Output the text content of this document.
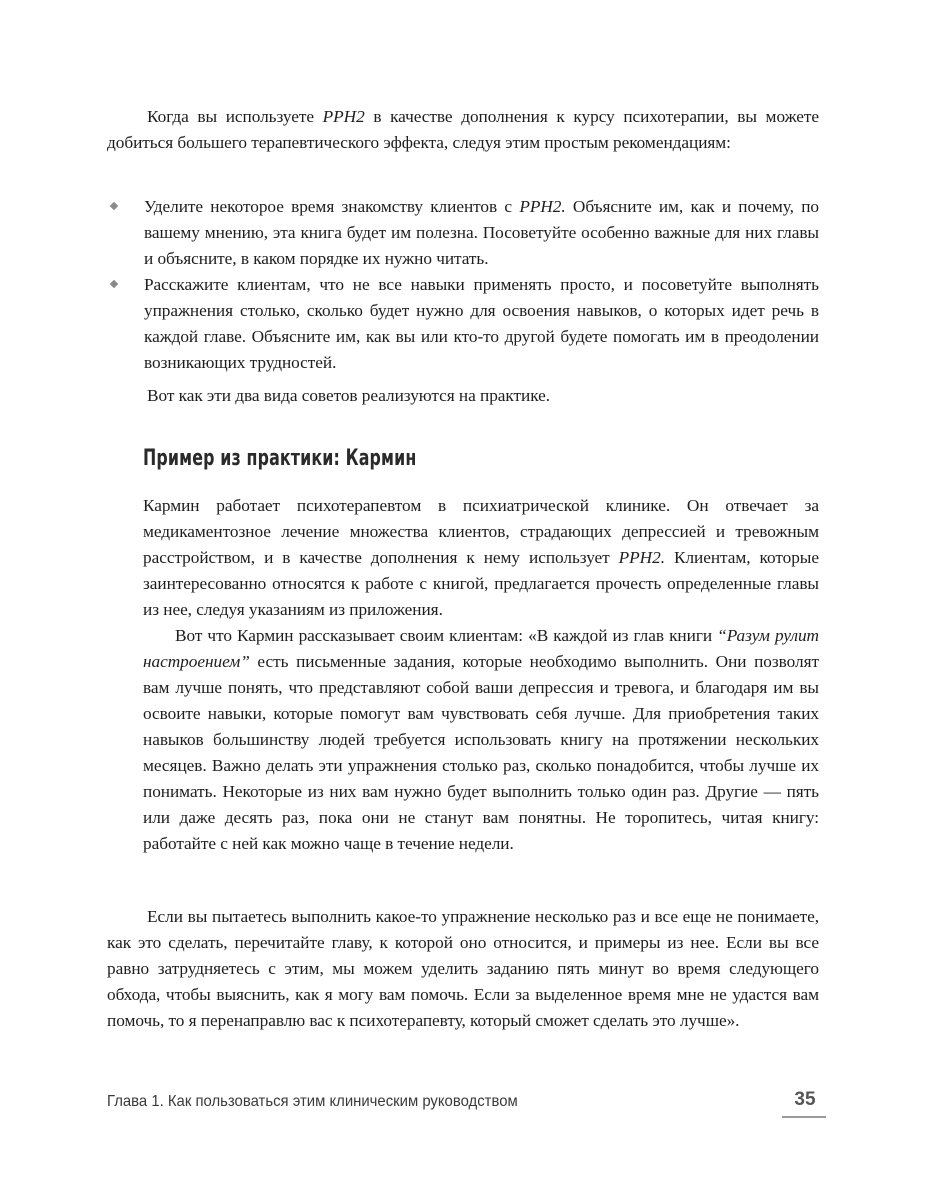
Когда вы используете PPH2 в качестве дополнения к курсу психотерапии, вы можете добиться большего терапевтического эффекта, следуя этим простым рекомендациям:

Уделите некоторое время знакомству клиентов с PPH2. Объясните им, как и почему, по вашему мнению, эта книга будет им полезна. Посоветуйте особенно важные для них главы и объясните, в каком порядке их нужно читать.
Расскажите клиентам, что не все навыки применять просто, и посоветуйте выполнять упражнения столько, сколько будет нужно для освоения навыков, о которых идет речь в каждой главе. Объясните им, как вы или кто-то другой будете помогать им в преодолении возникающих трудностей.

Вот как эти два вида советов реализуются на практике.

Пример из практики: Кармин

Кармин работает психотерапевтом в психиатрической клинике. Он отвечает за медикаментозное лечение множества клиентов, страдающих депрессией и тревожным расстройством, и в качестве дополнения к нему использует PPH2. Клиентам, которые заинтересованно относятся к работе с книгой, предлагается прочесть определенные главы из нее, следуя указаниям из приложения.

Вот что Кармин рассказывает своим клиентам: «В каждой из глав книги “Разум рулит настроением” есть письменные задания, которые необходимо выполнить. Они позволят вам лучше понять, что представляют собой ваши депрессия и тревога, и благодаря им вы освоите навыки, которые помогут вам чувствовать себя лучше. Для приобретения таких навыков большинству людей требуется использовать книгу на протяжении нескольких месяцев. Важно делать эти упражнения столько раз, сколько понадобится, чтобы лучше их понимать. Некоторые из них вам нужно будет выполнить только один раз. Другие — пять или даже десять раз, пока они не станут вам понятны. Не торопитесь, читая книгу: работайте с ней как можно чаще в течение недели.

Если вы пытаетесь выполнить какое-то упражнение несколько раз и все еще не понимаете, как это сделать, перечитайте главу, к которой оно относится, и примеры из нее. Если вы все равно затрудняетесь с этим, мы можем уделить заданию пять минут во время следующего обхода, чтобы выяснить, как я могу вам помочь. Если за выделенное время мне не удастся вам помочь, то я перенаправлю вас к психотерапевту, который сможет сделать это лучше».

Глава 1. Как пользоваться этим клиническим руководством	35
